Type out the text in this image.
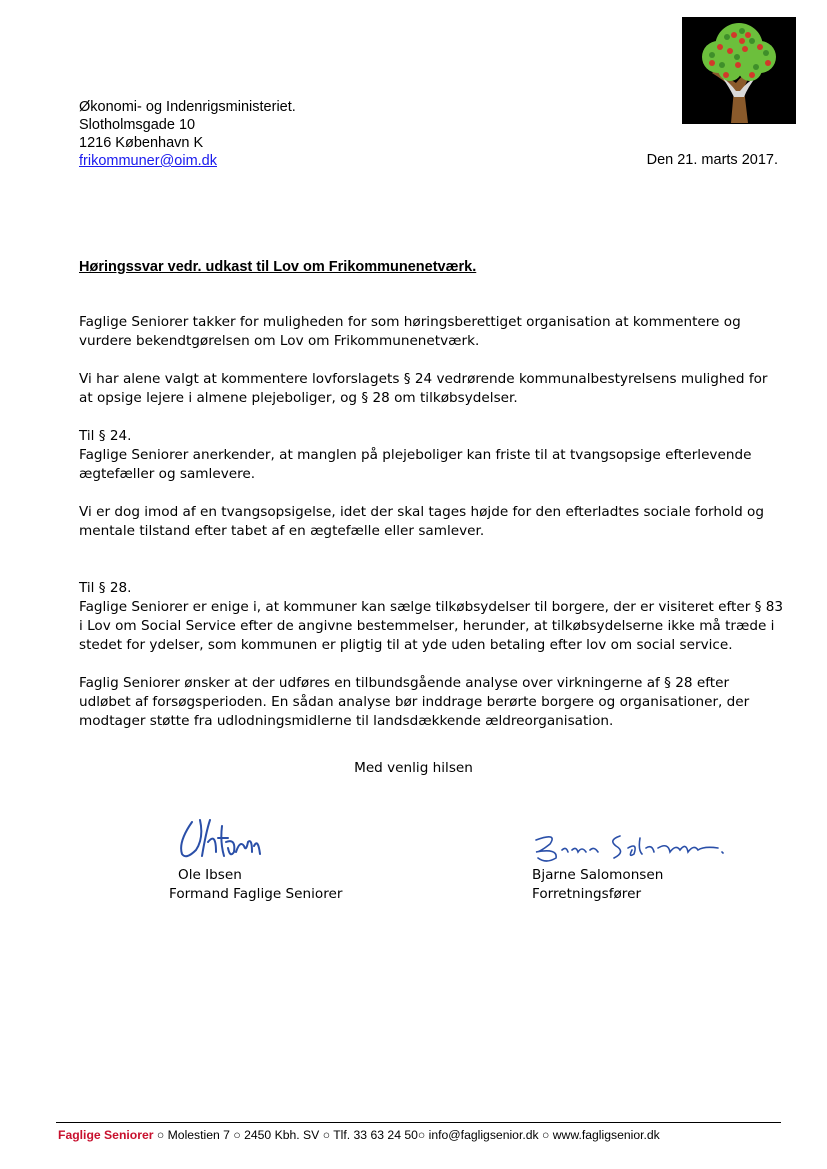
Økonomi- og Indenrigsministeriet.
Slotholmsgade 10
1216 København K
frikommuner@oim.dk	Den 21. marts 2017.
Høringssvar vedr. udkast til Lov om Frikommunenetværk.

Faglige Seniorer takker for muligheden for som høringsberettiget organisation at kommentere og vurdere bekendtgørelsen om Lov om Frikommunenetværk.

Vi har alene valgt at kommentere lovforslagets § 24 vedrørende kommunalbestyrelsens mulighed for at opsige lejere i almene plejeboliger, og § 28 om tilkøbsydelser.

Til § 24.

Faglige Seniorer anerkender, at manglen på plejeboliger kan friste til at tvangsopsige efterlevende ægtefæller og samlevere.

Vi er dog imod af en tvangsopsigelse, idet der skal tages højde for den efterladtes sociale forhold og mentale tilstand efter tabet af en ægtefælle eller samlever.

Til § 28.

Faglige Seniorer er enige i, at kommuner kan sælge tilkøbsydelser til borgere, der er visiteret efter § 83 i Lov om Social Service efter de angivne bestemmelser, herunder, at tilkøbsydelserne ikke må træde i stedet for ydelser, som kommunen er pligtig til at yde uden betaling efter lov om social service.

Faglig Seniorer ønsker at der udføres en tilbundsgående analyse over virkningerne af § 28 efter udløbet af forsøgsperioden. En sådan analyse bør inddrage berørte borgere og organisationer, der modtager støtte fra udlodningsmidlerne til landsdækkende ældreorganisation.

Med venlig hilsen
Ole Ibsen
Formand Faglige Seniorer
Bjarne Salomonsen
Forretningsfører
Faglige Seniorer ○ Molestien 7 ○ 2450 Kbh. SV ○ Tlf. 33 63 24 50○ info@fagligsenior.dk ○ www.fagligsenior.dk
